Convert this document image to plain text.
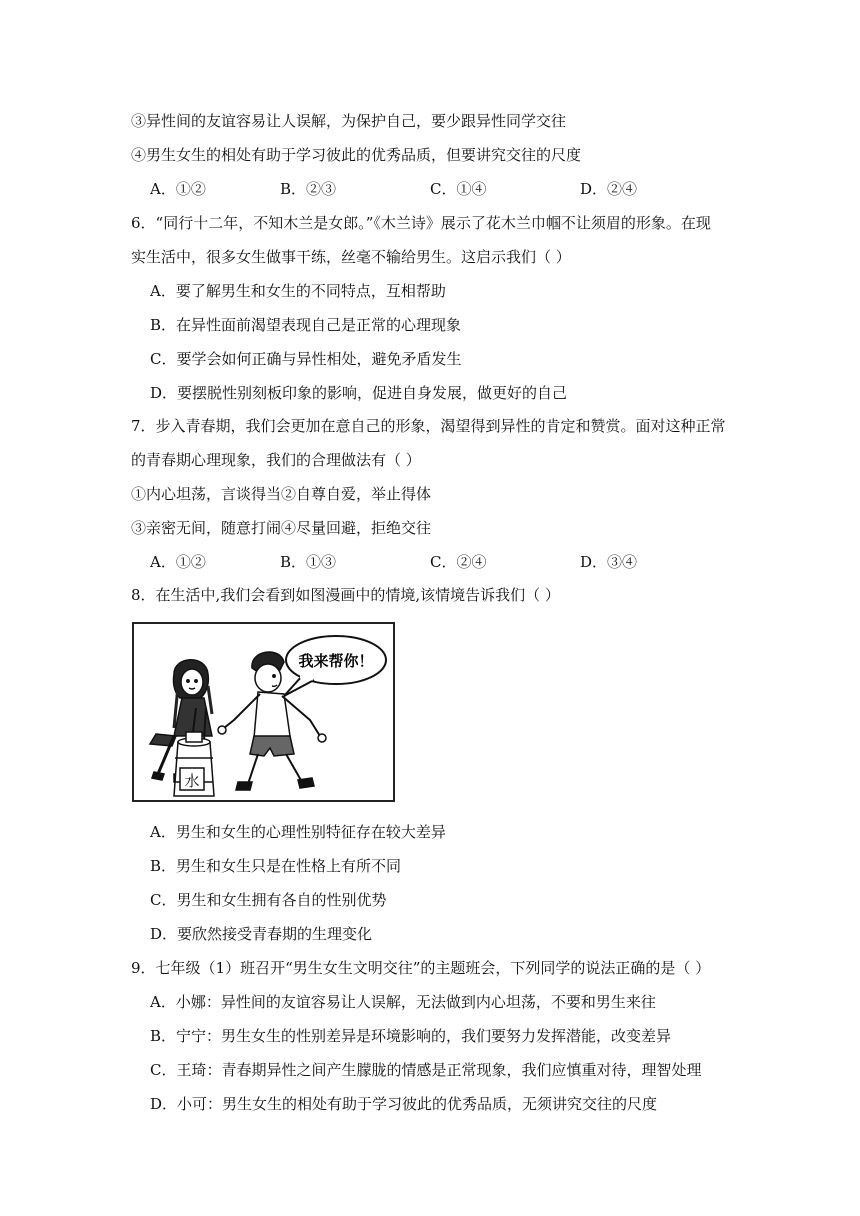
③异性间的友谊容易让人误解，为保护自己，要少跟异性同学交往
④男生女生的相处有助于学习彼此的优秀品质，但要讲究交往的尺度
A．①②	B．②③	C．①④	D．②④
6．“同行十二年，不知木兰是女郎。”《木兰诗》展示了花木兰巾帼不让须眉的形象。在现
实生活中，很多女生做事干练，丝毫不输给男生。这启示我们（ ）
A．要了解男生和女生的不同特点，互相帮助
B．在异性面前渴望表现自己是正常的心理现象
C．要学会如何正确与异性相处，避免矛盾发生
D．要摆脱性别刻板印象的影响，促进自身发展，做更好的自己
7．步入青春期，我们会更加在意自己的形象，渴望得到异性的肯定和赞赏。面对这种正常
的青春期心理现象，我们的合理做法有（ ）
①内心坦荡，言谈得当②自尊自爱，举止得体
③亲密无间，随意打闹④尽量回避，拒绝交往
A．①②	B．①③	C．②④	D．③④
8．在生活中,我们会看到如图漫画中的情境,该情境告诉我们（ ）
我来帮你！
水
A．男生和女生的心理性别特征存在较大差异
B．男生和女生只是在性格上有所不同
C．男生和女生拥有各自的性别优势
D．要欣然接受青春期的生理变化
9．七年级（1）班召开“男生女生文明交往”的主题班会，下列同学的说法正确的是（ ）
A．小娜：异性间的友谊容易让人误解，无法做到内心坦荡，不要和男生来往
B．宁宁：男生女生的性别差异是环境影响的，我们要努力发挥潜能，改变差异
C．王琦：青春期异性之间产生朦胧的情感是正常现象，我们应慎重对待，理智处理
D．小可：男生女生的相处有助于学习彼此的优秀品质，无须讲究交往的尺度
